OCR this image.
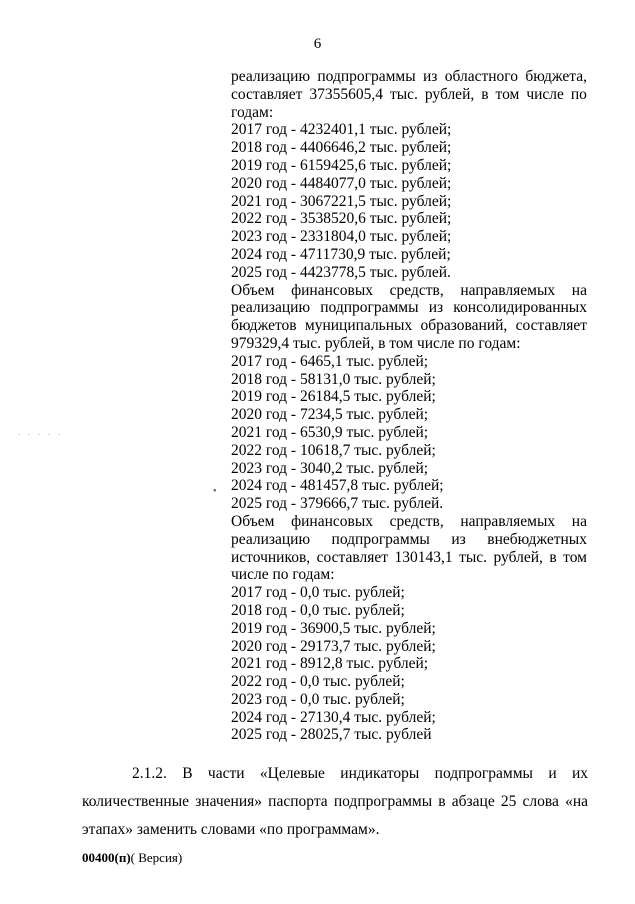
6
. . . . .
•
реализацию подпрограммы из областного бюджета,
составляет 37355605,4 тыс. рублей, в том числе по
годам:
2017 год - 4232401,1 тыс. рублей;
2018 год - 4406646,2 тыс. рублей;
2019 год - 6159425,6 тыс. рублей;
2020 год - 4484077,0 тыс. рублей;
2021 год - 3067221,5 тыс. рублей;
2022 год - 3538520,6 тыс. рублей;
2023 год - 2331804,0 тыс. рублей;
2024 год - 4711730,9 тыс. рублей;
2025 год - 4423778,5 тыс. рублей.
Объем финансовых средств, направляемых на
реализацию подпрограммы из консолидированных
бюджетов муниципальных образований, составляет
979329,4 тыс. рублей, в том числе по годам:
2017 год - 6465,1 тыс. рублей;
2018 год - 58131,0 тыс. рублей;
2019 год - 26184,5 тыс. рублей;
2020 год - 7234,5 тыс. рублей;
2021 год - 6530,9 тыс. рублей;
2022 год - 10618,7 тыс. рублей;
2023 год - 3040,2 тыс. рублей;
2024 год - 481457,8 тыс. рублей;
2025 год - 379666,7 тыс. рублей.
Объем финансовых средств, направляемых на
реализацию подпрограммы из внебюджетных
источников, составляет 130143,1 тыс. рублей, в том
числе по годам:
2017 год - 0,0 тыс. рублей;
2018 год - 0,0 тыс. рублей;
2019 год - 36900,5 тыс. рублей;
2020 год - 29173,7 тыс. рублей;
2021 год - 8912,8 тыс. рублей;
2022 год - 0,0 тыс. рублей;
2023 год - 0,0 тыс. рублей;
2024 год - 27130,4 тыс. рублей;
2025 год - 28025,7 тыс. рублей
2.1.2. В части «Целевые индикаторы подпрограммы и их
количественные значения» паспорта подпрограммы в абзаце 25 слова «на
этапах» заменить словами «по программам».
00400(п)( Версия)
